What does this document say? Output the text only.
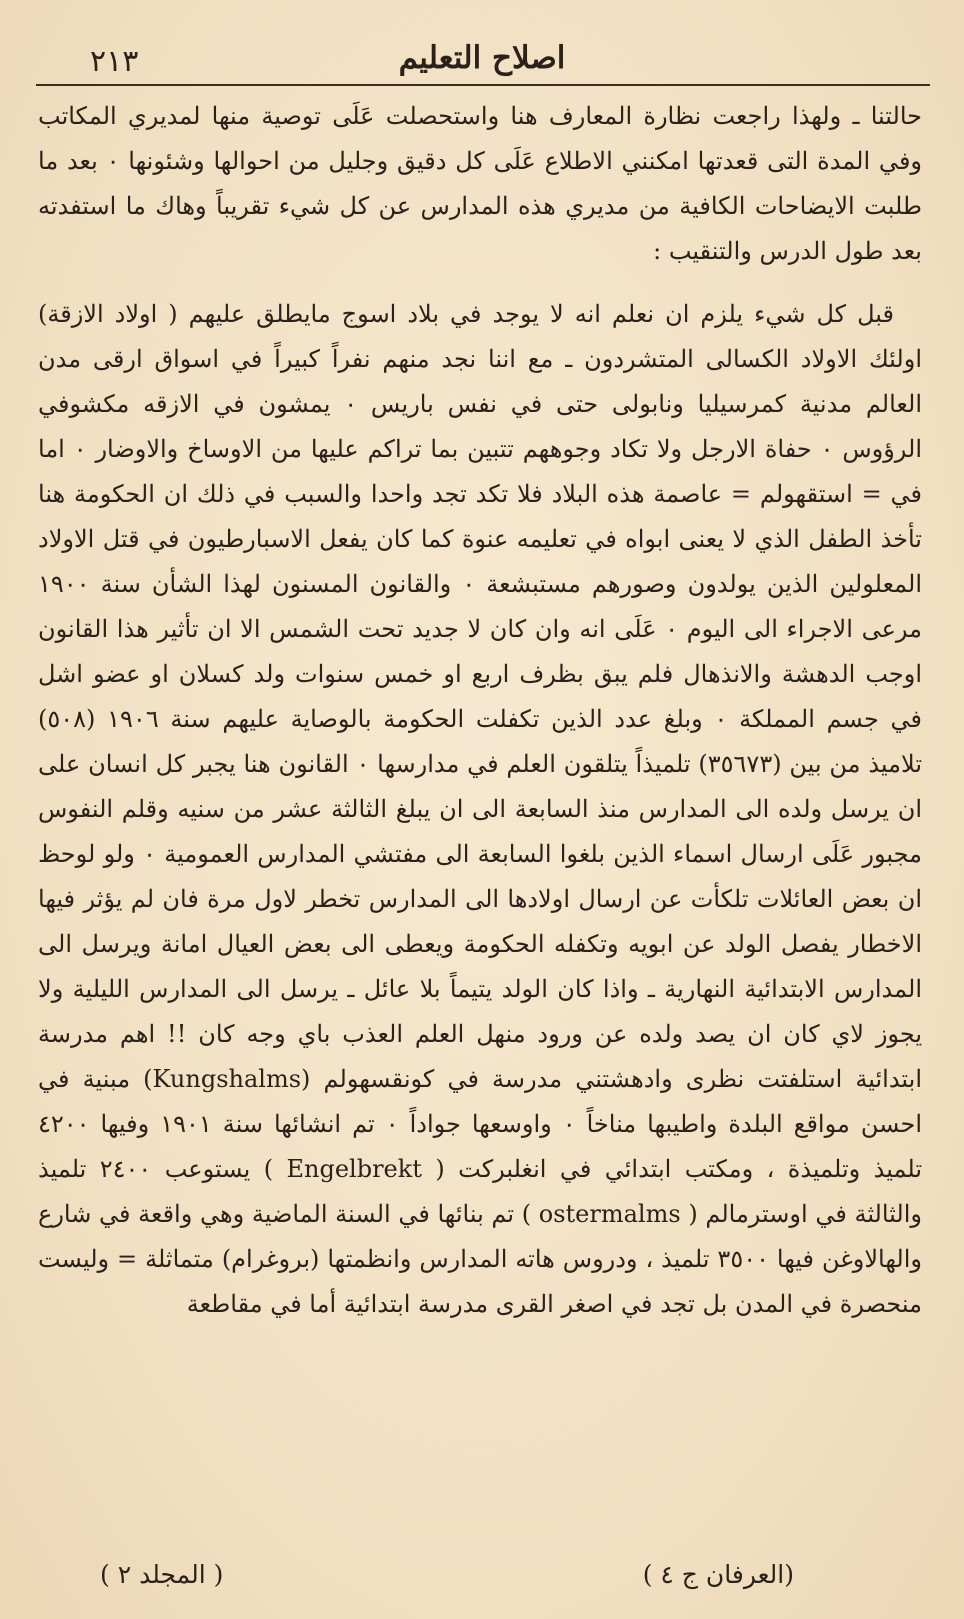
٢١٣	اصلاح التعليم

حالتنا ـ ولهذا راجعت نظارة المعارف هنا واستحصلت عَلَى توصية منها لمديري المكاتب وفي المدة التى قعدتها امكنني الاطلاع عَلَى كل دقيق وجليل من احوالها وشئونها ٠ بعد ما طلبت الايضاحات الكافية من مديري هذه المدارس عن كل شيء تقريباً وهاك ما استفدته بعد طول الدرس والتنقيب :

قبل كل شيء يلزم ان نعلم انه لا يوجد في بلاد اسوج مايطلق عليهم ( اولاد الازقة) اولئك الاولاد الكسالى المتشردون ـ مع اننا نجد منهم نفراً كبيراً في اسواق ارقى مدن العالم مدنية كمرسيليا ونابولى حتى في نفس باريس ٠ يمشون في الازقه مكشوفي الرؤوس ٠ حفاة الارجل ولا تكاد وجوههم تتبين بما تراكم عليها من الاوساخ والاوضار ٠ اما في = استقهولم = عاصمة هذه البلاد فلا تكد تجد واحدا والسبب في ذلك ان الحكومة هنا تأخذ الطفل الذي لا يعنى ابواه في تعليمه عنوة كما كان يفعل الاسبارطيون في قتل الاولاد المعلولين الذين يولدون وصورهم مستبشعة ٠ والقانون المسنون لهذا الشأن سنة ١٩٠٠ مرعى الاجراء الى اليوم ٠ عَلَى انه وان كان لا جديد تحت الشمس الا ان تأثير هذا القانون اوجب الدهشة والانذهال فلم يبق بظرف اربع او خمس سنوات ولد كسلان او عضو اشل في جسم المملكة ٠ وبلغ عدد الذين تكفلت الحكومة بالوصاية عليهم سنة ١٩٠٦ (٥٠٨) تلاميذ من بين (٣٥٦٧٣) تلميذاً يتلقون العلم في مدارسها ٠ القانون هنا يجبر كل انسان على ان يرسل ولده الى المدارس منذ السابعة الى ان يبلغ الثالثة عشر من سنيه وقلم النفوس مجبور عَلَى ارسال اسماء الذين بلغوا السابعة الى مفتشي المدارس العمومية ٠ ولو لوحظ ان بعض العائلات تلكأت عن ارسال اولادها الى المدارس تخطر لاول مرة فان لم يؤثر فيها الاخطار يفصل الولد عن ابويه وتكفله الحكومة ويعطى الى بعض العيال امانة ويرسل الى المدارس الابتدائية النهارية ـ واذا كان الولد يتيماً بلا عائل ـ يرسل الى المدارس الليلية ولا يجوز لاي كان ان يصد ولده عن ورود منهل العلم العذب باي وجه كان !! اهم مدرسة ابتدائية استلفتت نظرى وادهشتني مدرسة في كونقسهولم (Kungshalms) مبنية في احسن مواقع البلدة واطيبها مناخاً ٠ واوسعها جواداً ٠ تم انشائها سنة ١٩٠١ وفيها ٤٢٠٠ تلميذ وتلميذة ، ومكتب ابتدائي في انغلبركت ( Engelbrekt ) يستوعب ٢٤٠٠ تلميذ والثالثة في اوسترمالم ( ostermalms ) تم بنائها في السنة الماضية وهي واقعة في شارع والهالاوغن فيها ٣٥٠٠ تلميذ ، ودروس هاته المدارس وانظمتها (بروغرام) متماثلة = وليست منحصرة في المدن بل تجد في اصغر القرى مدرسة ابتدائية أما في مقاطعة

(العرفان ج ٤ )
( المجلد ٢ )
